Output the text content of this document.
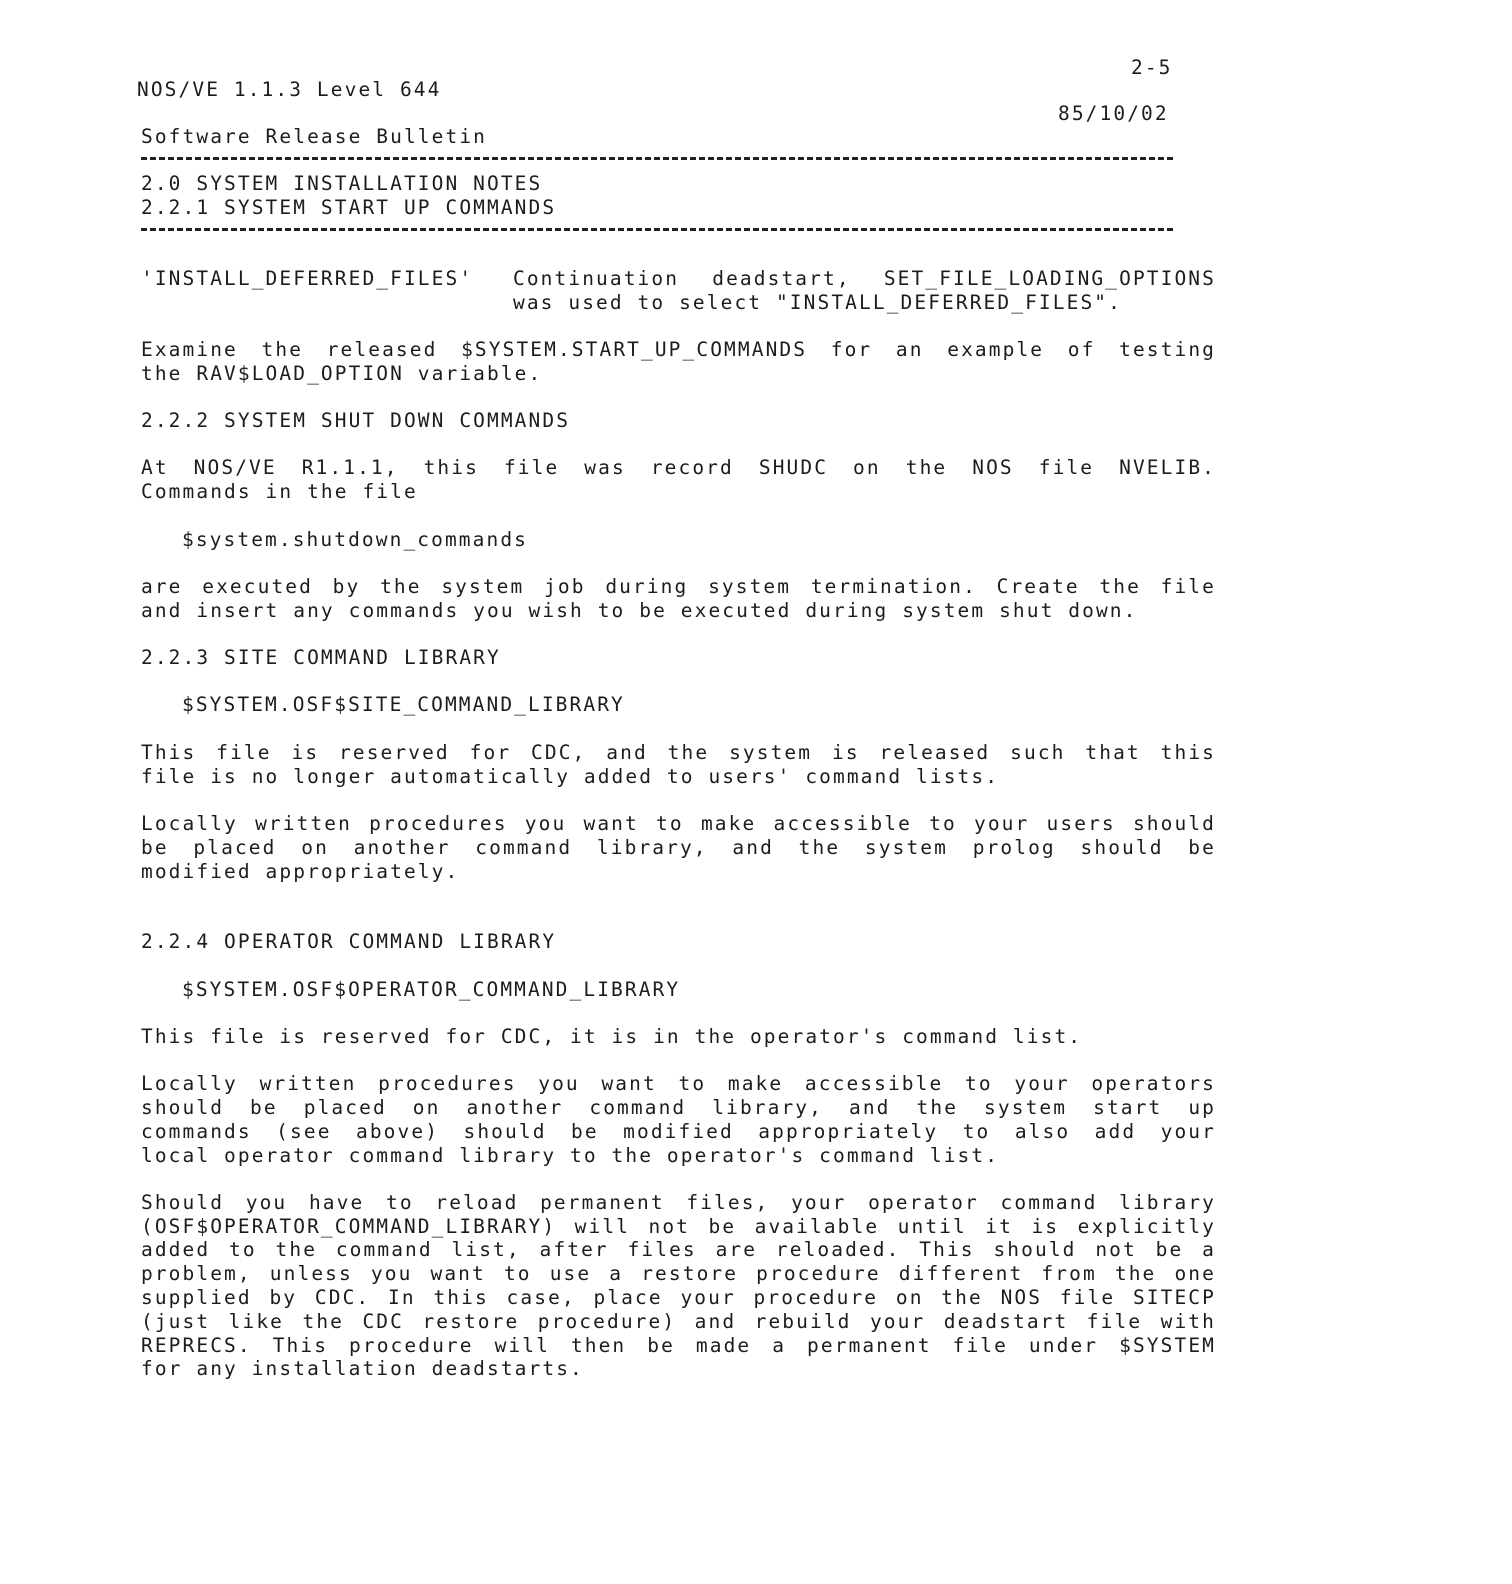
2-5
NOS/VE 1.1.3 Level 644
85/10/02
Software Release Bulletin
2.0 SYSTEM INSTALLATION NOTES
2.2.1 SYSTEM START UP COMMANDS
'INSTALL_DEFERRED_FILES' Continuation deadstart, SET_FILE_LOADING_OPTIONS
was used to select "INSTALL_DEFERRED_FILES".
Examine the released $SYSTEM.START_UP_COMMANDS for an example of testing
the RAV$LOAD_OPTION variable.
2.2.2 SYSTEM SHUT DOWN COMMANDS
At NOS/VE R1.1.1, this file was record SHUDC on the NOS file NVELIB.
Commands in the file
$system.shutdown_commands
are executed by the system job during system termination. Create the file
and insert any commands you wish to be executed during system shut down.
2.2.3 SITE COMMAND LIBRARY
$SYSTEM.OSF$SITE_COMMAND_LIBRARY
This file is reserved for CDC, and the system is released such that this
file is no longer automatically added to users' command lists.
Locally written procedures you want to make accessible to your users should
be placed on another command library, and the system prolog should be
modified appropriately.
2.2.4 OPERATOR COMMAND LIBRARY
$SYSTEM.OSF$OPERATOR_COMMAND_LIBRARY
This file is reserved for CDC, it is in the operator's command list.
Locally written procedures you want to make accessible to your operators
should be placed on another command library, and the system start up
commands (see above) should be modified appropriately to also add your
local operator command library to the operator's command list.
Should you have to reload permanent files, your operator command library
(OSF$OPERATOR_COMMAND_LIBRARY) will not be available until it is explicitly
added to the command list, after files are reloaded. This should not be a
problem, unless you want to use a restore procedure different from the one
supplied by CDC. In this case, place your procedure on the NOS file SITECP
(just like the CDC restore procedure) and rebuild your deadstart file with
REPRECS. This procedure will then be made a permanent file under $SYSTEM
for any installation deadstarts.
